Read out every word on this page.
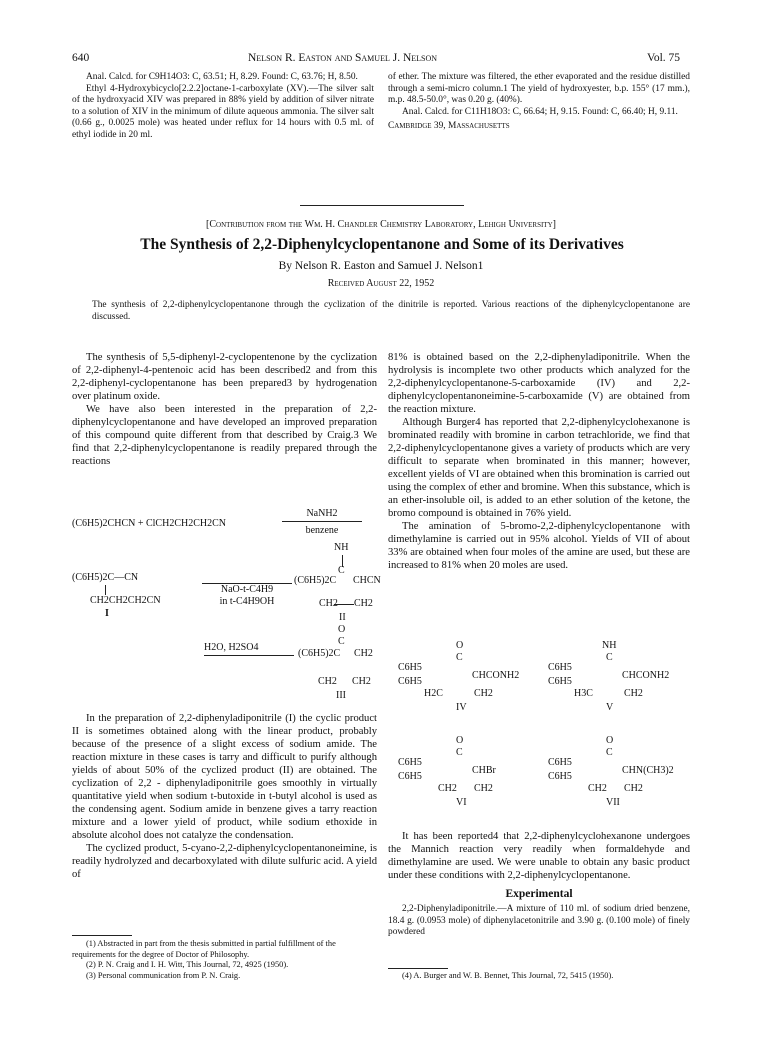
640	Nelson R. Easton and Samuel J. Nelson	Vol. 75

Anal. Calcd. for C9H14O3: C, 63.51; H, 8.29. Found: C, 63.76; H, 8.50.

Ethyl 4-Hydroxybicyclo[2.2.2]octane-1-carboxylate (XV).—The silver salt of the hydroxyacid XIV was prepared in 88% yield by addition of silver nitrate to a solution of XIV in the minimum of dilute aqueous ammonia. The silver salt (0.66 g., 0.0025 mole) was heated under reflux for 14 hours with 0.5 ml. of ethyl iodide in 20 ml.

of ether. The mixture was filtered, the ether evaporated and the residue distilled through a semi-micro column.1 The yield of hydroxyester, b.p. 155° (17 mm.), m.p. 48.5-50.0°, was 0.20 g. (40%).

Anal. Calcd. for C11H18O3: C, 66.64; H, 9.15. Found: C, 66.40; H, 9.11.

Cambridge 39, Massachusetts

[Contribution from the Wm. H. Chandler Chemistry Laboratory, Lehigh University]
The Synthesis of 2,2-Diphenylcyclopentanone and Some of its Derivatives
By Nelson R. Easton and Samuel J. Nelson1
Received August 22, 1952

The synthesis of 2,2-diphenylcyclopentanone through the cyclization of the dinitrile is reported. Various reactions of the diphenylcyclopentanone are discussed.

The synthesis of 5,5-diphenyl-2-cyclopentenone by the cyclization of 2,2-diphenyl-4-pentenoic acid has been described2 and from this 2,2-diphenyl-cyclopentanone has been prepared3 by hydrogenation over platinum oxide.

We have also been interested in the preparation of 2,2-diphenylcyclopentanone and have developed an improved preparation of this compound quite different from that described by Craig.3 We find that 2,2-diphenylcyclopentanone is readily prepared through the reactions

(C6H5)2CHCN + ClCH2CH2CH2CN
NaNH2
benzene
(C6H5)2C—CN
CH2CH2CH2CN
I
NaO-t-C4H9
in t-C4H9OH
NH
C
(C6H5)2C CHCN
CH2 CH2
II
H2O, H2SO4
O
C
(C6H5)2C CH2
CH2 CH2
III

In the preparation of 2,2-diphenyladiponitrile (I) the cyclic product II is sometimes obtained along with the linear product, probably because of the presence of a slight excess of sodium amide. The reaction mixture in these cases is tarry and difficult to purify although yields of about 50% of the cyclized product (II) are obtained. The cyclization of 2,2 - diphenyladiponitrile goes smoothly in virtually quantitative yield when sodium t-butoxide in t-butyl alcohol is used as the condensing agent. Sodium amide in benzene gives a tarry reaction mixture and a lower yield of product, while sodium ethoxide in absolute alcohol does not catalyze the condensation.

The cyclized product, 5-cyano-2,2-diphenylcyclopentanoneimine, is readily hydrolyzed and decarboxylated with dilute sulfuric acid. A yield of

(1) Abstracted in part from the thesis submitted in partial fulfillment of the requirements for the degree of Doctor of Philosophy.

(2) P. N. Craig and I. H. Witt, This Journal, 72, 4925 (1950).

(3) Personal communication from P. N. Craig.

81% is obtained based on the 2,2-diphenyladiponitrile. When the hydrolysis is incomplete two other products which analyzed for the 2,2-diphenylcyclopentanone-5-carboxamide (IV) and 2,2-diphenylcyclopentanoneimine-5-carboxamide (V) are obtained from the reaction mixture.

Although Burger4 has reported that 2,2-diphenylcyclohexanone is brominated readily with bromine in carbon tetrachloride, we find that 2,2-diphenylcyclopentanone gives a variety of products which are very difficult to separate when brominated in this manner; however, excellent yields of VI are obtained when this bromination is carried out using the complex of ether and bromine. When this substance, which is an ether-insoluble oil, is added to an ether solution of the ketone, the bromo compound is obtained in 76% yield.

The amination of 5-bromo-2,2-diphenylcyclopentanone with dimethylamine is carried out in 95% alcohol. Yields of VII of about 33% are obtained when four moles of the amine are used, but these are increased to 81% when 20 moles are used.

O
C
C6H5
CHCONH2
C6H5
H2C	CH2
IV
NH
C
C6H5
CHCONH2
C6H5
H3C	CH2
V
O
C
C6H5
CHBr
C6H5
CH2 CH2
VI
O
C
C6H5
CHN(CH3)2
C6H5
CH2 CH2
VII

It has been reported4 that 2,2-diphenylcyclohexanone undergoes the Mannich reaction very readily when formaldehyde and dimethylamine are used. We were unable to obtain any basic product under these conditions with 2,2-diphenylcyclopentanone.

Experimental

2,2-Diphenyladiponitrile.—A mixture of 110 ml. of sodium dried benzene, 18.4 g. (0.0953 mole) of diphenylacetonitrile and 3.90 g. (0.100 mole) of finely powdered

(4) A. Burger and W. B. Bennet, This Journal, 72, 5415 (1950).
